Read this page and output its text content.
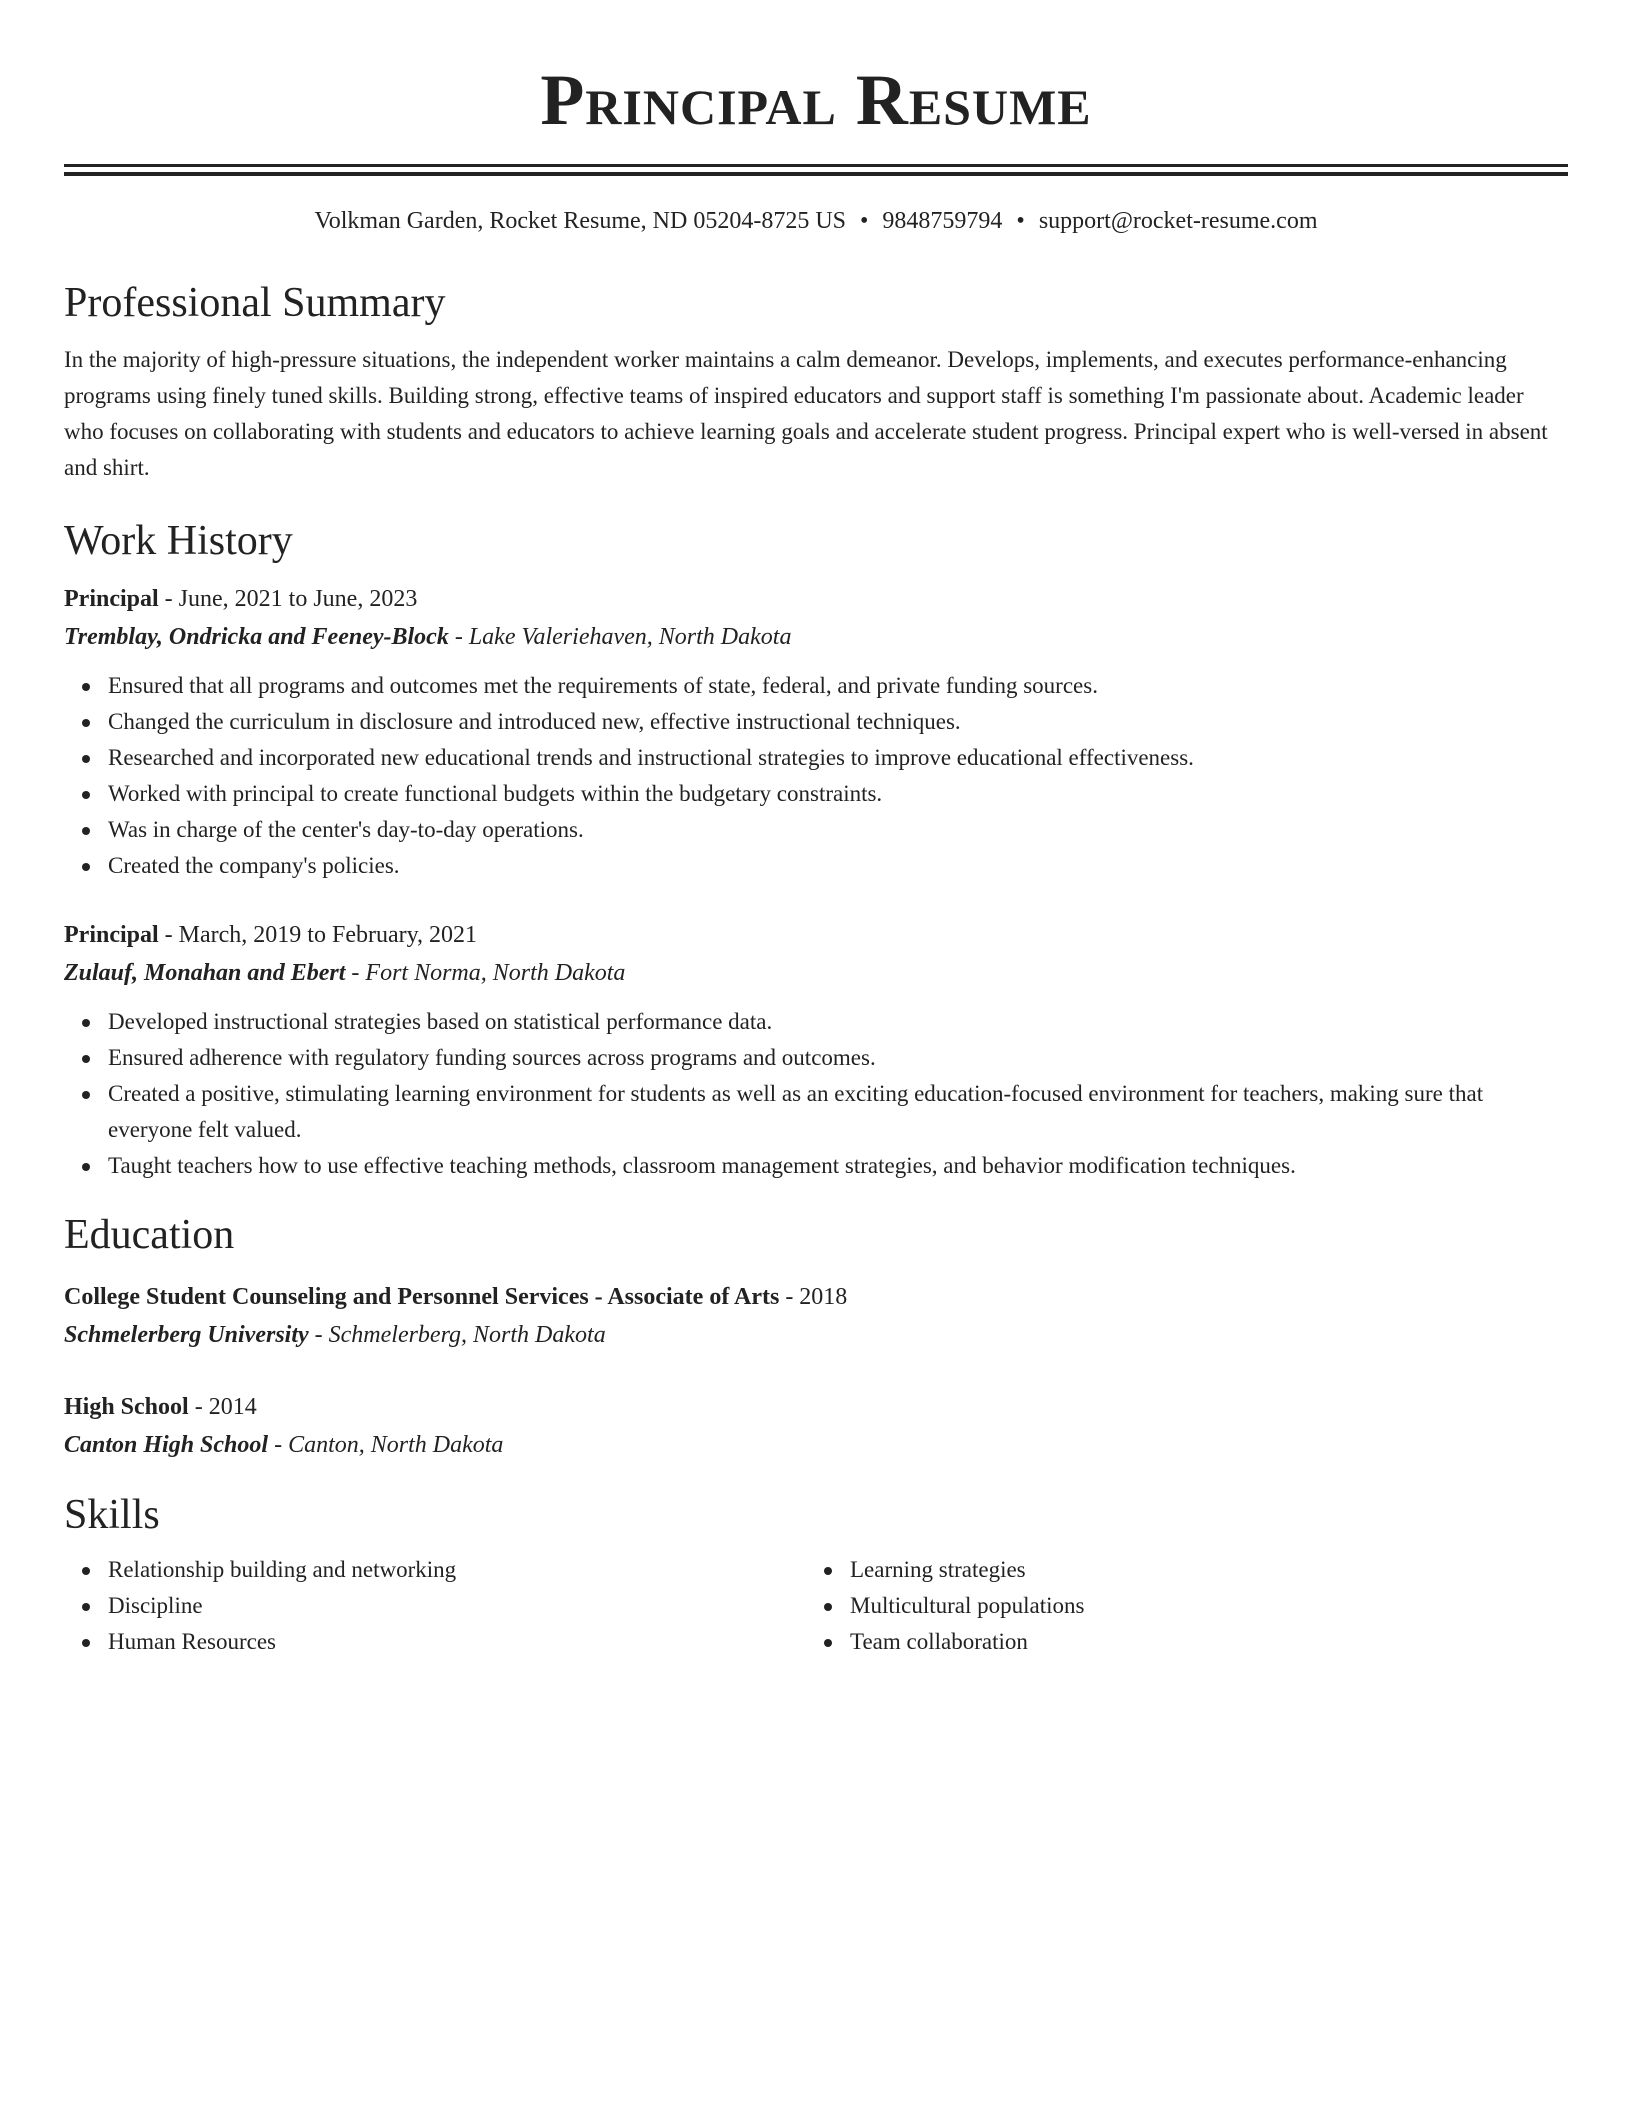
Principal Resume
Volkman Garden, Rocket Resume, ND 05204-8725 US • 9848759794 • support@rocket-resume.com
Professional Summary

In the majority of high-pressure situations, the independent worker maintains a calm demeanor. Develops, implements, and executes performance-enhancing programs using finely tuned skills. Building strong, effective teams of inspired educators and support staff is something I'm passionate about. Academic leader who focuses on collaborating with students and educators to achieve learning goals and accelerate student progress. Principal expert who is well-versed in absent and shirt.

Work History
Principal - June, 2021 to June, 2023
Tremblay, Ondricka and Feeney-Block - Lake Valeriehaven, North Dakota
Ensured that all programs and outcomes met the requirements of state, federal, and private funding sources.
Changed the curriculum in disclosure and introduced new, effective instructional techniques.
Researched and incorporated new educational trends and instructional strategies to improve educational effectiveness.
Worked with principal to create functional budgets within the budgetary constraints.
Was in charge of the center's day-to-day operations.
Created the company's policies.
Principal - March, 2019 to February, 2021
Zulauf, Monahan and Ebert - Fort Norma, North Dakota
Developed instructional strategies based on statistical performance data.
Ensured adherence with regulatory funding sources across programs and outcomes.
Created a positive, stimulating learning environment for students as well as an exciting education-focused environment for teachers, making sure that everyone felt valued.
Taught teachers how to use effective teaching methods, classroom management strategies, and behavior modification techniques.
Education
College Student Counseling and Personnel Services - Associate of Arts - 2018
Schmelerberg University - Schmelerberg, North Dakota
High School - 2014
Canton High School - Canton, North Dakota
Skills
Relationship building and networking
Discipline
Human Resources
Learning strategies
Multicultural populations
Team collaboration
